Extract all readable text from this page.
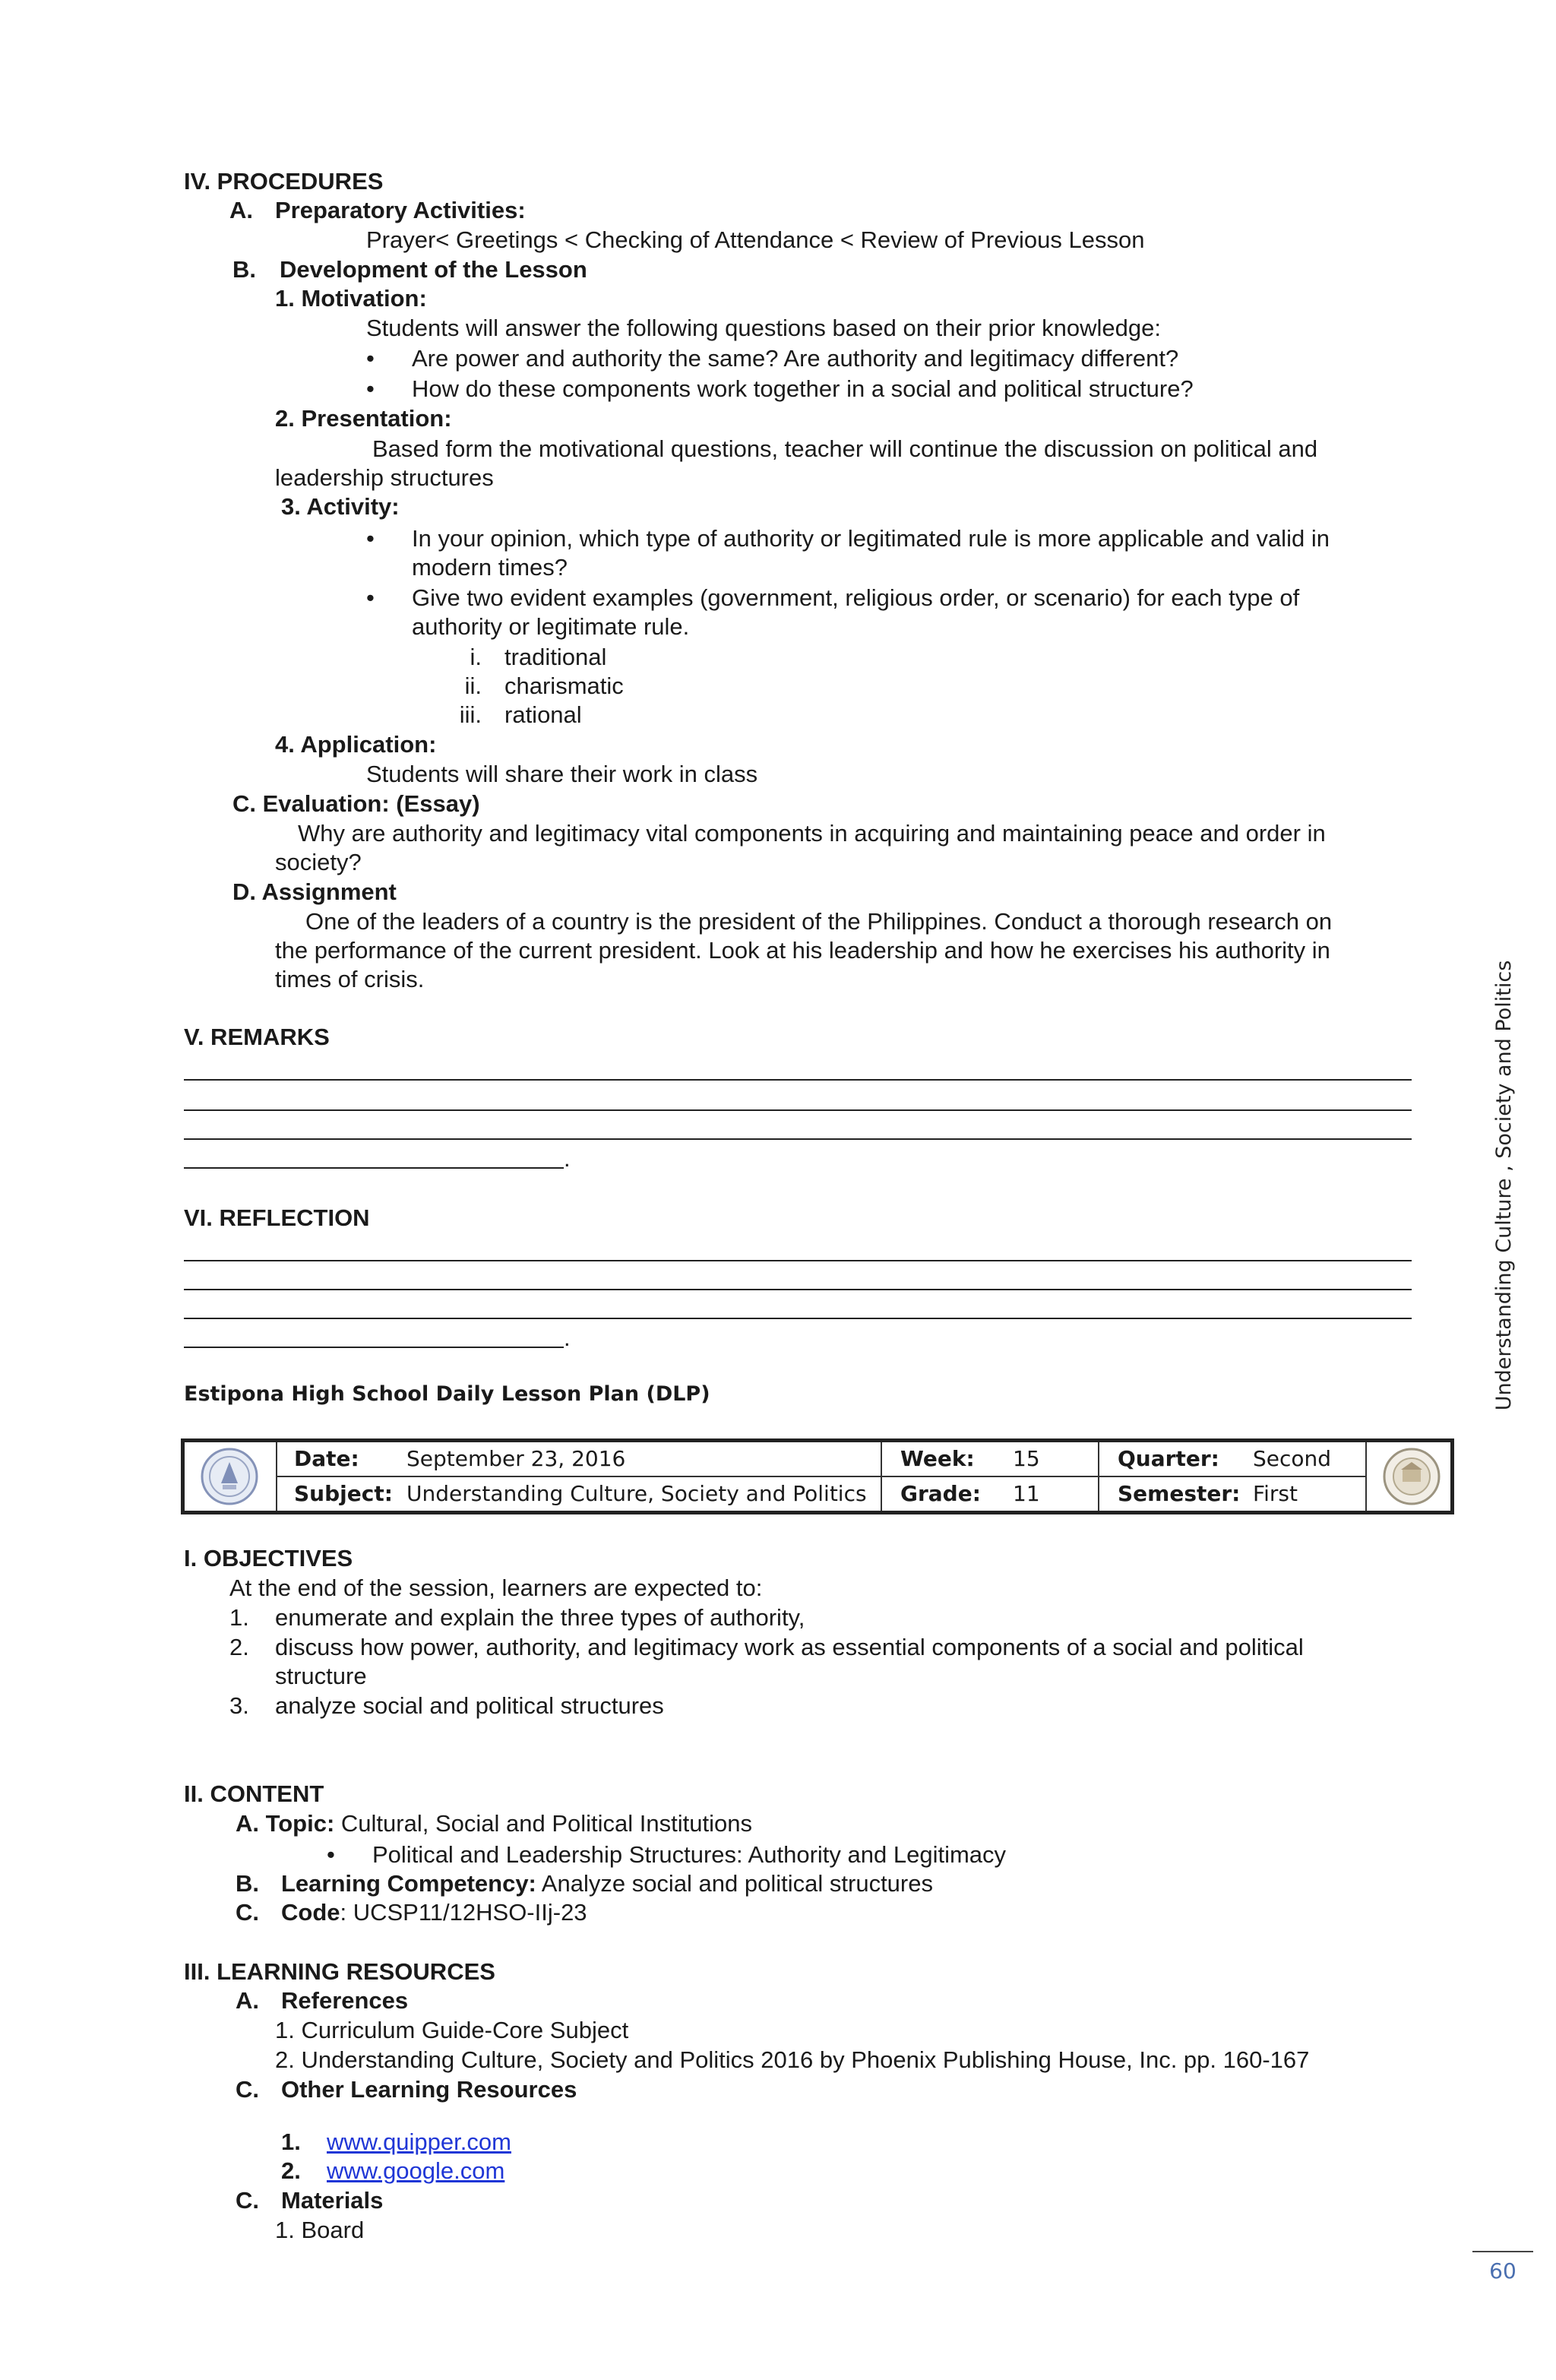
IV. PROCEDURES
A. Preparatory Activities:
Prayer< Greetings < Checking of Attendance < Review of Previous Lesson
B. Development of the Lesson
1. Motivation:
Students will answer the following questions based on their prior knowledge:
• Are power and authority the same? Are authority and legitimacy different?
• How do these components work together in a social and political structure?
2. Presentation:
Based form the motivational questions, teacher will continue the discussion on political and
leadership structures
3. Activity:
• In your opinion, which type of authority or legitimated rule is more applicable and valid in
modern times?
• Give two evident examples (government, religious order, or scenario) for each type of
authority or legitimate rule.
i. traditional
ii. charismatic
iii. rational
4. Application:
Students will share their work in class
C. Evaluation: (Essay)
Why are authority and legitimacy vital components in acquiring and maintaining peace and order in
society?
D. Assignment
One of the leaders of a country is the president of the Philippines. Conduct a thorough research on
the performance of the current president. Look at his leadership and how he exercises his authority in
times of crisis.
V. REMARKS
.
VI. REFLECTION
.
Estipona High School Daily Lesson Plan (DLP)
Date: September 23, 2016	Week: 15	Quarter: Second
Subject: Understanding Culture, Society and Politics Grade: 11	Semester: First
I. OBJECTIVES
At the end of the session, learners are expected to:
1. enumerate and explain the three types of authority,
2. discuss how power, authority, and legitimacy work as essential components of a social and political
structure
3. analyze social and political structures
II. CONTENT
A. Topic: Cultural, Social and Political Institutions
• Political and Leadership Structures: Authority and Legitimacy
B. Learning Competency: Analyze social and political structures
C. Code: UCSP11/12HSO-IIj-23
III. LEARNING RESOURCES
A. References
1. Curriculum Guide-Core Subject
2. Understanding Culture, Society and Politics 2016 by Phoenix Publishing House, Inc. pp. 160-167
C. Other Learning Resources
1. www.quipper.com
2. www.google.com
C. Materials
1. Board
Understanding Culture , Society and Politics
60
